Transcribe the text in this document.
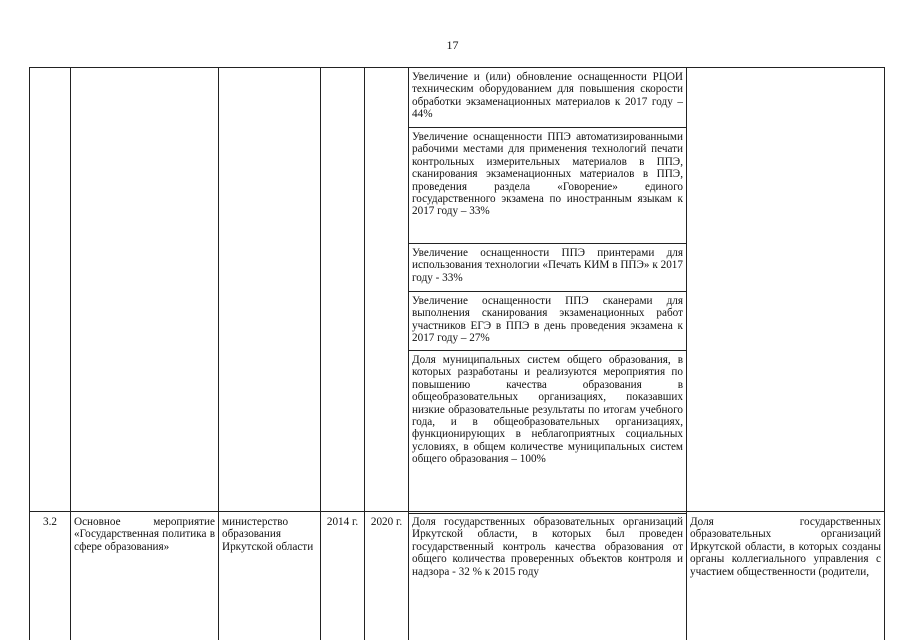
17
Увеличение и (или) обновление оснащенности РЦОИ техническим оборудованием для повышения скорости обработки экзаменационных материалов к 2017 году – 44%
Увеличение оснащенности ППЭ автоматизированными рабочими местами для применения технологий печати контрольных измерительных материалов в ППЭ, сканирования экзаменационных материалов в ППЭ, проведения раздела «Говорение» единого государственного экзамена по иностранным языкам к 2017 году – 33%
Увеличение оснащенности ППЭ принтерами для использования технологии «Печать КИМ в ППЭ» к 2017 году - 33%
Увеличение оснащенности ППЭ сканерами для выполнения сканирования экзаменационных работ участников ЕГЭ в ППЭ в день проведения экзамена к 2017 году – 27%
Доля муниципальных систем общего образования, в которых разработаны и реализуются мероприятия по повышению качества образования в общеобразовательных организациях, показавших низкие образовательные результаты по итогам учебного года, и в общеобразовательных организациях, функционирующих в неблагоприятных социальных условиях, в общем количестве муниципальных систем общего образования – 100%
3.2 Основное мероприятие «Государственная политика в сфере образования»
министерство образования Иркутской области
2014 г.	2020 г. Доля государственных образовательных организаций Иркутской области, в которых был проведен государственный контроль качества образования от общего количества проверенных объектов контроля и надзора - 32 % к 2015 году
Доля государственных образовательных организаций Иркутской области, в которых созданы органы коллегиального управления с участием общественности (родители,
